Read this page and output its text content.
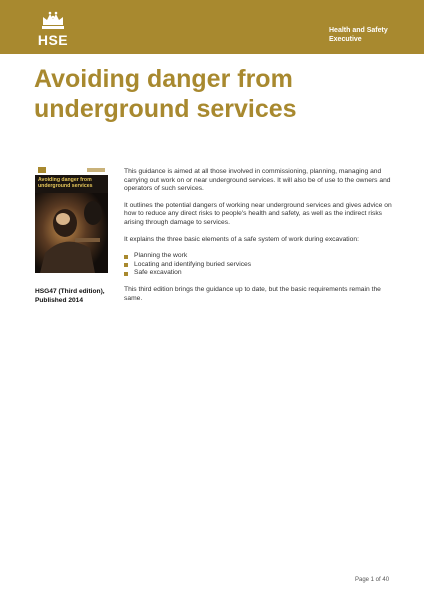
HSE
Health and Safety
Executive
Avoiding danger from
underground services
Avoiding danger from
underground services
HSG47 (Third edition),
Published 2014

This guidance is aimed at all those involved in commissioning, planning, managing and carrying out work on or near underground services. It will also be of use to the owners and operators of such services.

It outlines the potential dangers of working near underground services and gives advice on how to reduce any direct risks to people's health and safety, as well as the indirect risks arising through damage to services.

It explains the three basic elements of a safe system of work during excavation:

Planning the work
Locating and identifying buried services
Safe excavation

This third edition brings the guidance up to date, but the basic requirements remain the same.

Page 1 of 40
